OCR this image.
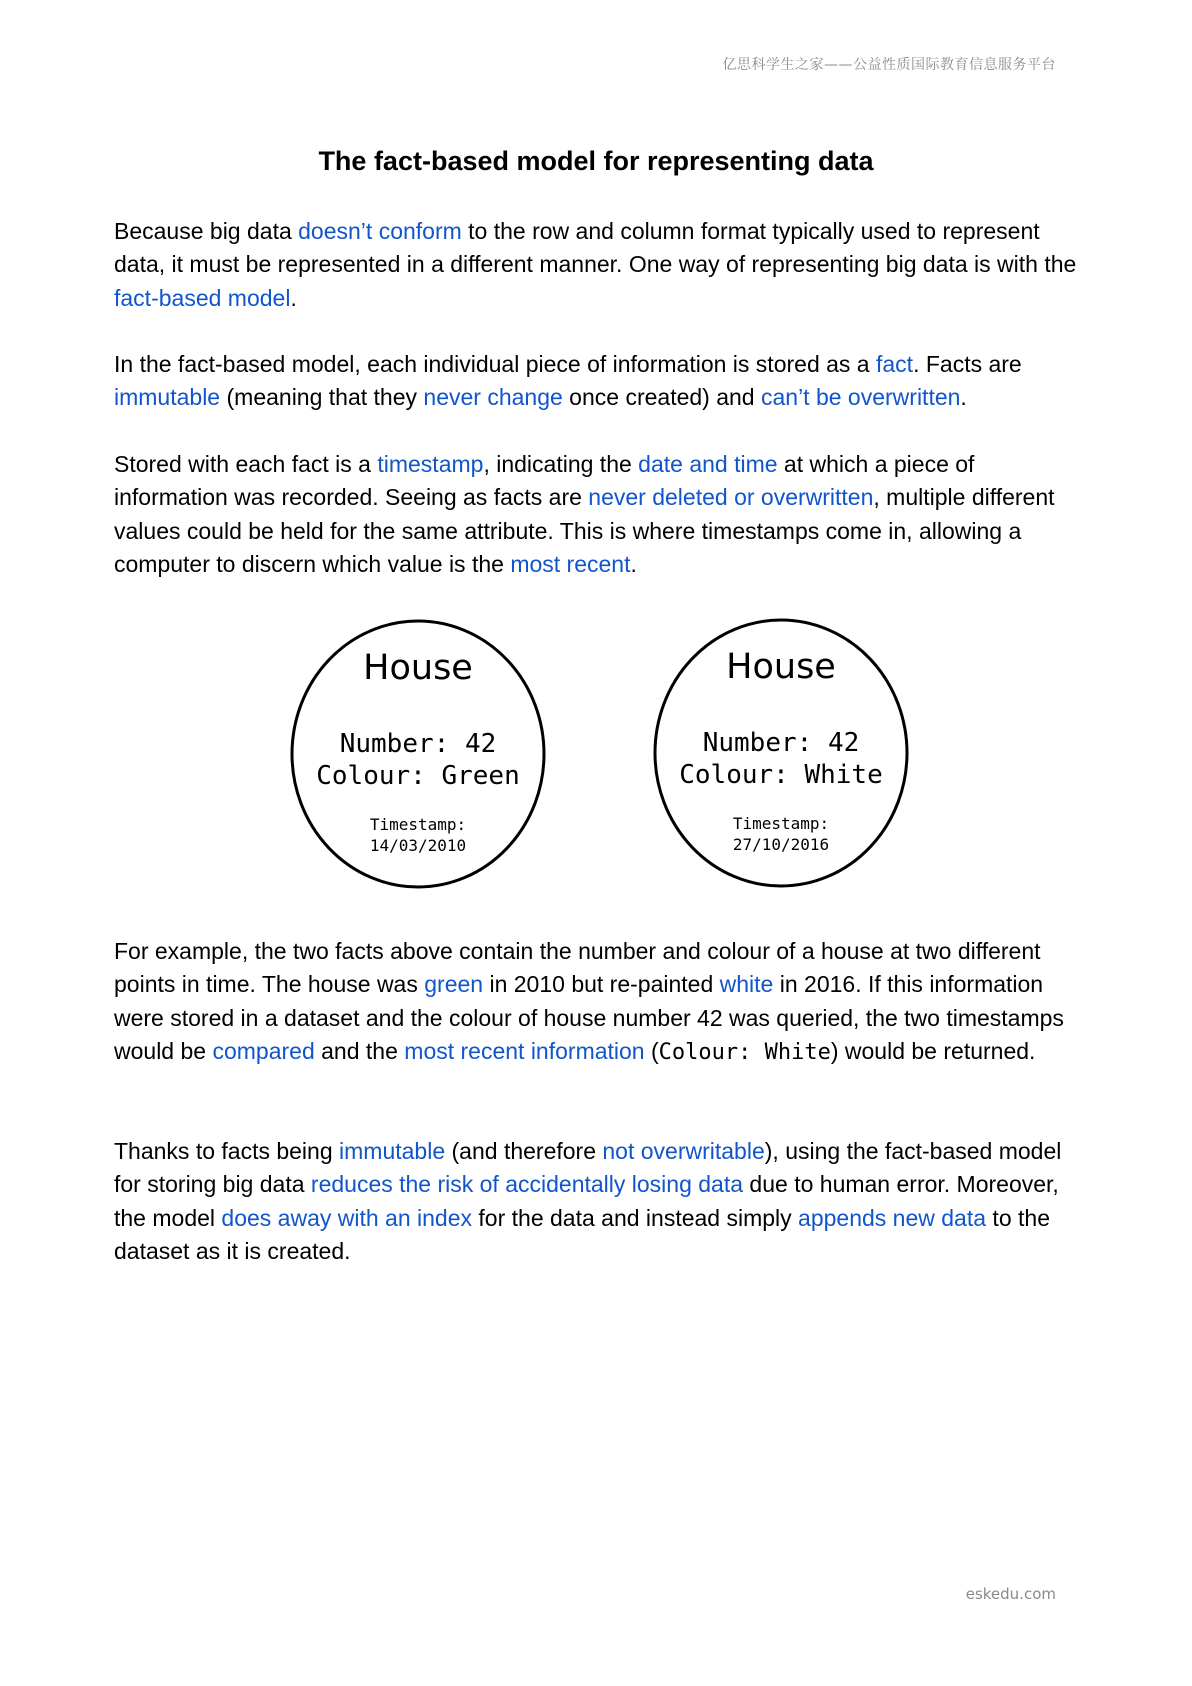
亿思科学生之家——公益性质国际教育信息服务平台
The fact-based model for representing data

Because big data doesn’t conform to the row and column format typically used to represent data, it must be represented in a different manner. One way of representing big data is with the fact-based model.

In the fact-based model, each individual piece of information is stored as a fact. Facts are immutable (meaning that they never change once created) and can’t be overwritten.

Stored with each fact is a timestamp, indicating the date and time at which a piece of information was recorded. Seeing as facts are never deleted or overwritten, multiple different values could be held for the same attribute. This is where timestamps come in, allowing a computer to discern which value is the most recent.

House
Number: 42
Colour: Green
Timestamp:
14/03/2010
House
Number: 42
Colour: White
Timestamp:
27/10/2016

For example, the two facts above contain the number and colour of a house at two different points in time. The house was green in 2010 but re-painted white in 2016. If this information were stored in a dataset and the colour of house number 42 was queried, the two timestamps would be compared and the most recent information (Colour: White) would be returned.

Thanks to facts being immutable (and therefore not overwritable), using the fact-based model for storing big data reduces the risk of accidentally losing data due to human error. Moreover, the model does away with an index for the data and instead simply appends new data to the dataset as it is created.

eskedu.com
